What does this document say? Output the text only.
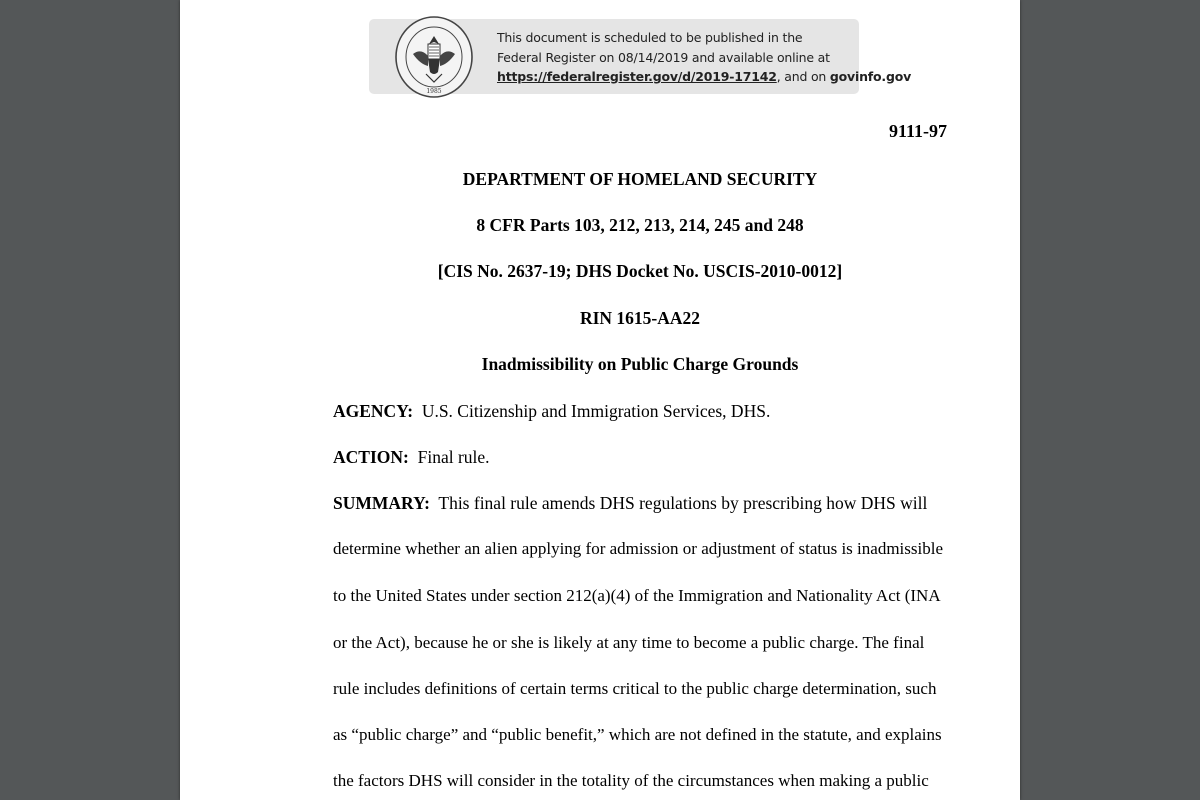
1985
This document is scheduled to be published in the
Federal Register on 08/14/2019 and available online at
https://federalregister.gov/d/2019-17142, and on govinfo.gov
9111-97
DEPARTMENT OF HOMELAND SECURITY
8 CFR Parts 103, 212, 213, 214, 245 and 248
[CIS No. 2637-19; DHS Docket No. USCIS-2010-0012]
RIN 1615-AA22
Inadmissibility on Public Charge Grounds
AGENCY: U.S. Citizenship and Immigration Services, DHS.
ACTION: Final rule.
SUMMARY: This final rule amends DHS regulations by prescribing how DHS will
determine whether an alien applying for admission or adjustment of status is inadmissible
to the United States under section 212(a)(4) of the Immigration and Nationality Act (INA
or the Act), because he or she is likely at any time to become a public charge. The final
rule includes definitions of certain terms critical to the public charge determination, such
as “public charge” and “public benefit,” which are not defined in the statute, and explains
the factors DHS will consider in the totality of the circumstances when making a public
